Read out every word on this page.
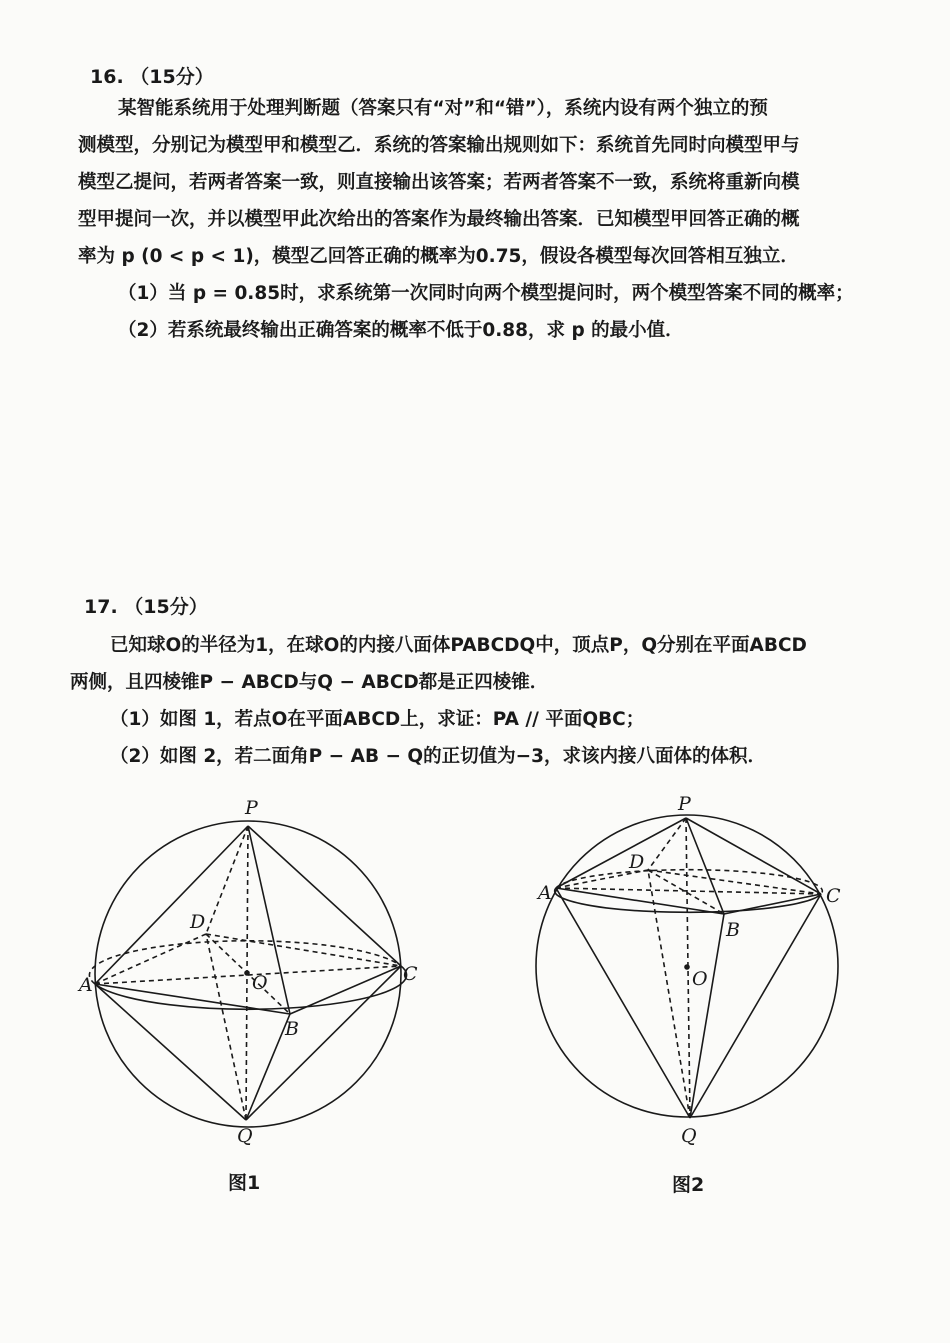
16. （15分）

某智能系统用于处理判断题（答案只有“对”和“错”），系统内设有两个独立的预

测模型，分别记为模型甲和模型乙．系统的答案输出规则如下：系统首先同时向模型甲与

模型乙提问，若两者答案一致，则直接输出该答案；若两者答案不一致，系统将重新向模

型甲提问一次，并以模型甲此次给出的答案作为最终输出答案．已知模型甲回答正确的概

率为 p (0 < p < 1)，模型乙回答正确的概率为0.75，假设各模型每次回答相互独立．

（1）当 p = 0.85时，求系统第一次同时向两个模型提问时，两个模型答案不同的概率；

（2）若系统最终输出正确答案的概率不低于0.88，求 p 的最小值．

17. （15分）

已知球O的半径为1，在球O的内接八面体PABCDQ中，顶点P，Q分别在平面ABCD

两侧，且四棱锥P − ABCD与Q − ABCD都是正四棱锥．

（1）如图 1，若点O在平面ABCD上，求证：PA // 平面QBC；

（2）如图 2，若二面角P − AB − Q的正切值为−3，求该内接八面体的体积．

P
Q
A
B
C
D
O
P
Q
A
B
C
D
O
图1	图2
